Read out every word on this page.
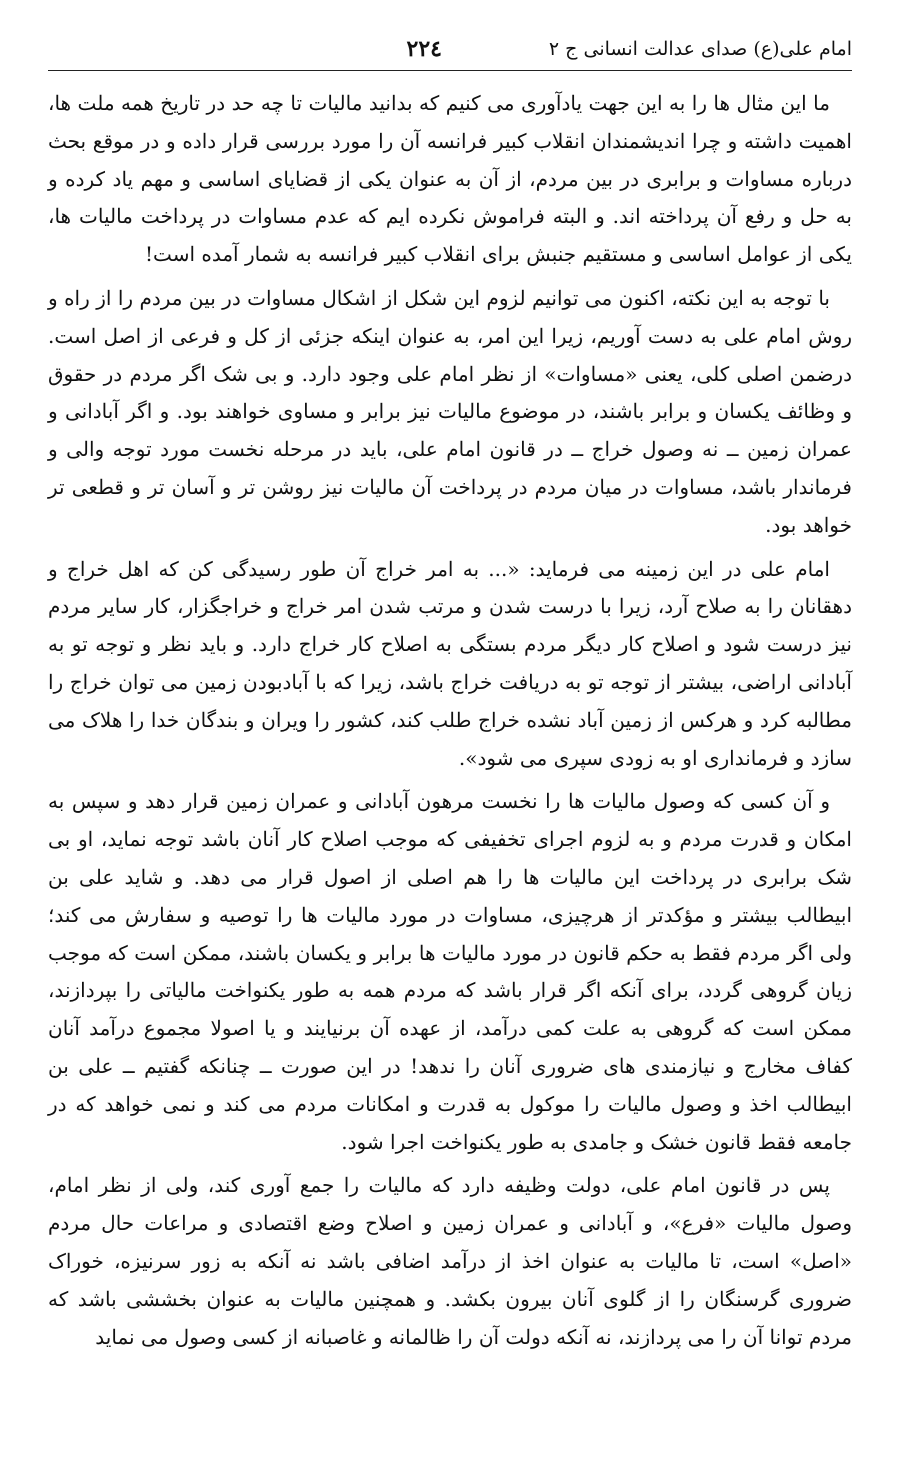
امام علی(ع) صدای عدالت انسانی ج ۲
۲۲٤

ما این مثال ها را به این جهت یادآوری می کنیم که بدانید مالیات تا چه حد در تاریخ همه ملت ها، اهمیت داشته و چرا اندیشمندان انقلاب کبیر فرانسه آن را مورد بررسی قرار داده و در موقع بحث درباره مساوات و برابری در بین مردم، از آن به عنوان یکی از قضایای اساسی و مهم یاد کرده و به حل و رفع آن پرداخته اند. و البته فراموش نکرده ایم که عدم مساوات در پرداخت مالیات ها، یکی از عوامل اساسی و مستقیم جنبش برای انقلاب کبیر فرانسه به شمار آمده است!

با توجه به این نکته، اکنون می توانیم لزوم این شکل از اشکال مساوات در بین مردم را از راه و روش امام علی به دست آوریم، زیرا این امر، به عنوان اینکه جزئی از کل و فرعی از اصل است. درضمن اصلی کلی، یعنی «مساوات» از نظر امام علی وجود دارد. و بی شک اگر مردم در حقوق و وظائف یکسان و برابر باشند، در موضوع مالیات نیز برابر و مساوی خواهند بود. و اگر آبادانی و عمران زمین ــ نه وصول خراج ــ در قانون امام علی، باید در مرحله نخست مورد توجه والی و فرماندار باشد، مساوات در میان مردم در پرداخت آن مالیات نیز روشن تر و آسان تر و قطعی تر خواهد بود.

امام علی در این زمینه می فرماید: «... به امر خراج آن طور رسیدگی کن که اهل خراج و دهقانان را به صلاح آرد، زیرا با درست شدن و مرتب شدن امر خراج و خراجگزار، کار سایر مردم نیز درست شود و اصلاح کار دیگر مردم بستگی به اصلاح کار خراج دارد. و باید نظر و توجه تو به آبادانی اراضی، بیشتر از توجه تو به دریافت خراج باشد، زیرا که با آبادبودن زمین می توان خراج را مطالبه کرد و هرکس از زمین آباد نشده خراج طلب کند، کشور را ویران و بندگان خدا را هلاک می سازد و فرمانداری او به زودی سپری می شود».

و آن کسی که وصول مالیات ها را نخست مرهون آبادانی و عمران زمین قرار دهد و سپس به امکان و قدرت مردم و به لزوم اجرای تخفیفی که موجب اصلاح کار آنان باشد توجه نماید، او بی شک برابری در پرداخت این مالیات ها را هم اصلی از اصول قرار می دهد. و شاید علی بن ابیطالب بیشتر و مؤکدتر از هرچیزی، مساوات در مورد مالیات ها را توصیه و سفارش می کند؛ ولی اگر مردم فقط به حکم قانون در مورد مالیات ها برابر و یکسان باشند، ممکن است که موجب زیان گروهی گردد، برای آنکه اگر قرار باشد که مردم همه به طور یکنواخت مالیاتی را بپردازند، ممکن است که گروهی به علت کمی درآمد، از عهده آن برنیایند و یا اصولا مجموع درآمد آنان کفاف مخارج و نیازمندی های ضروری آنان را ندهد! در این صورت ــ چنانکه گفتیم ــ علی بن ابیطالب اخذ و وصول مالیات را موکول به قدرت و امکانات مردم می کند و نمی خواهد که در جامعه فقط قانون خشک و جامدی به طور یکنواخت اجرا شود.

پس در قانون امام علی، دولت وظیفه دارد که مالیات را جمع آوری کند، ولی از نظر امام، وصول مالیات «فرع»، و آبادانی و عمران زمین و اصلاح وضع اقتصادی و مراعات حال مردم «اصل» است، تا مالیات به عنوان اخذ از درآمد اضافی باشد نه آنکه به زور سرنیزه، خوراک ضروری گرسنگان را از گلوی آنان بیرون بکشد. و همچنین مالیات به عنوان بخششی باشد که مردم توانا آن را می پردازند، نه آنکه دولت آن را ظالمانه و غاصبانه از کسی وصول می نماید
